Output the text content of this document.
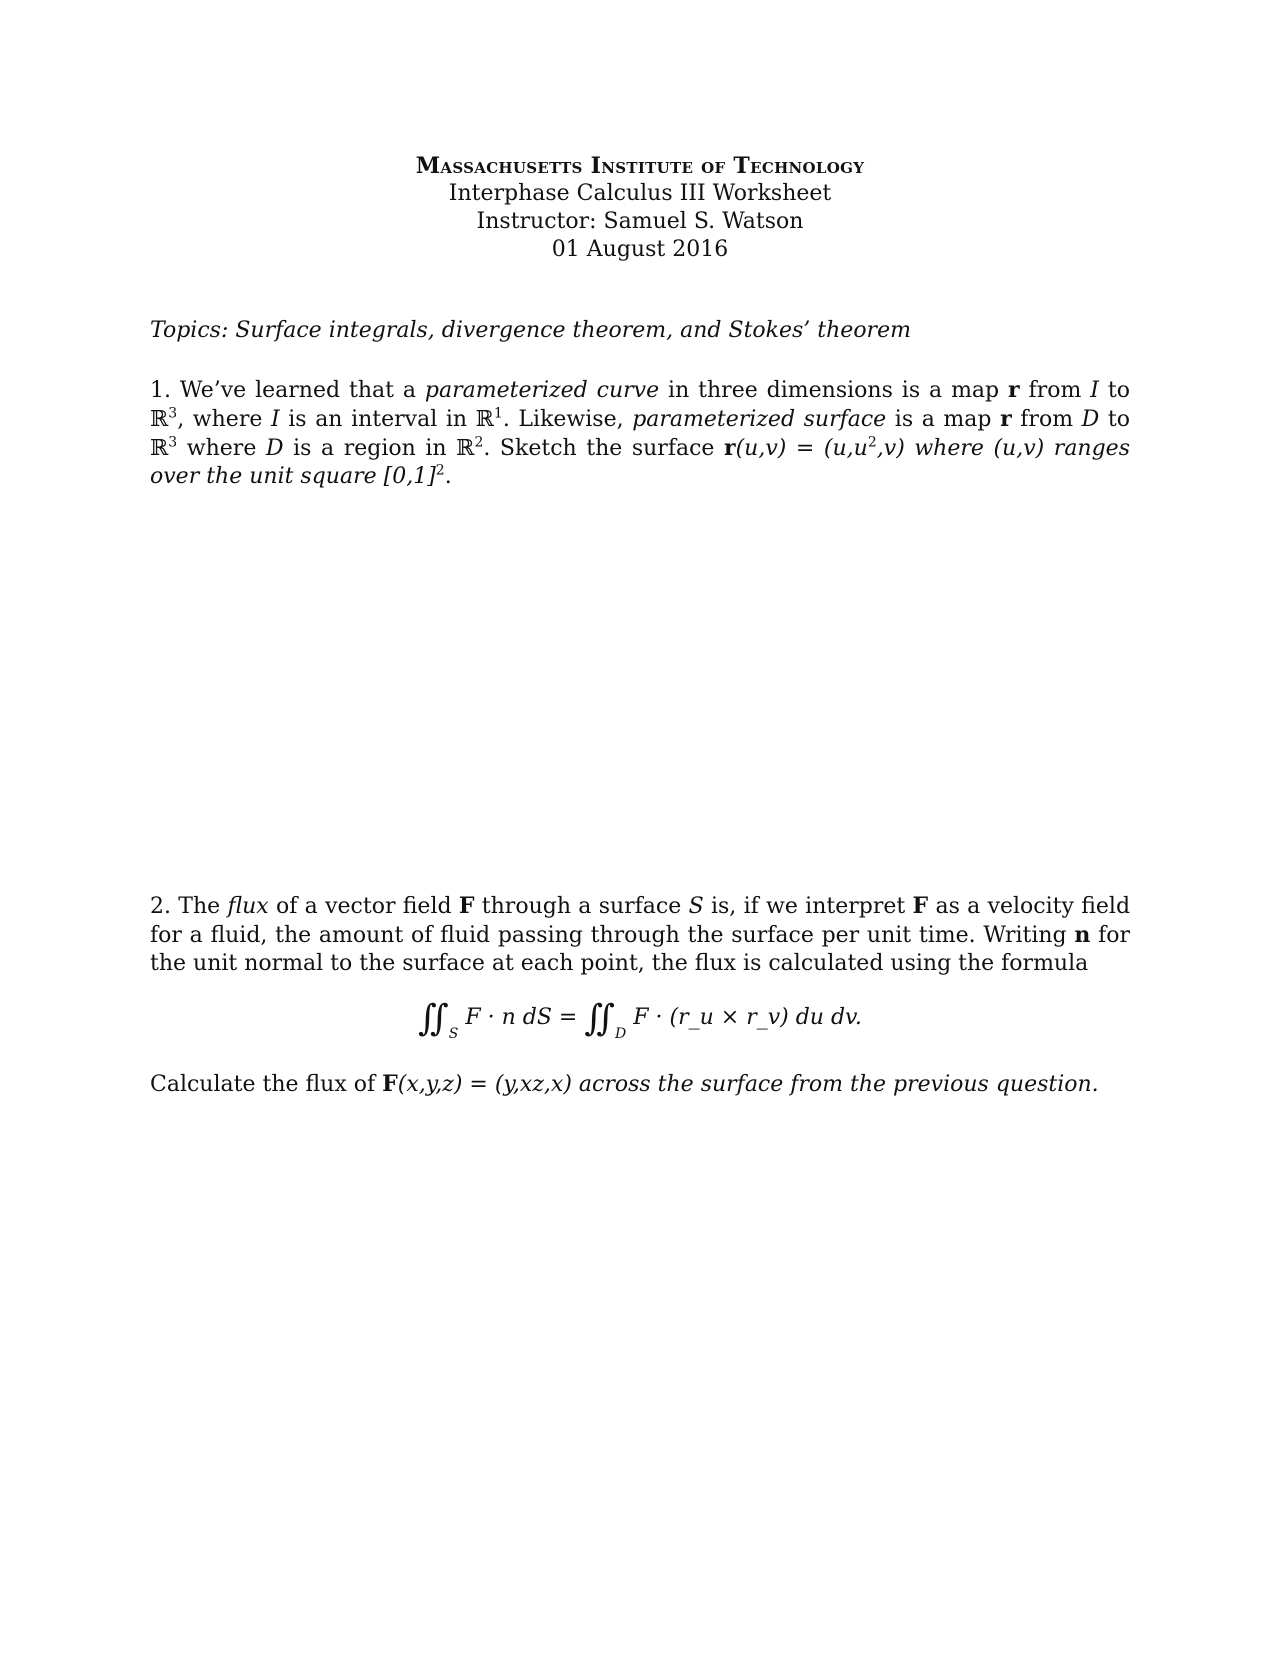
Massachusetts Institute of Technology
Interphase Calculus III Worksheet
Instructor: Samuel S. Watson
01 August 2016
Topics: Surface integrals, divergence theorem, and Stokes’ theorem
1. We’ve learned that a parameterized curve in three dimensions is a map r from I to ℝ$^3$, where I is an interval in ℝ$^1$. Likewise, parameterized surface is a map r from D to ℝ$^3$ where D is a region in ℝ$^2$. Sketch the surface $r(u,v) = (u,u^2,v)$ where (u,v) ranges over the unit square $[0,1]^2$.
2. The flux of a vector field F through a surface S is, if we interpret F as a velocity field for a fluid, the amount of fluid passing through the surface per unit time. Writing n for the unit normal to the surface at each point, the flux is calculated using the formula
$∬_S$ F · n dS = $∬_D$ F · (r_u × r_v) du dv.
Calculate the flux of F(x,y,z) = (y,xz,x) across the surface from the previous question.
